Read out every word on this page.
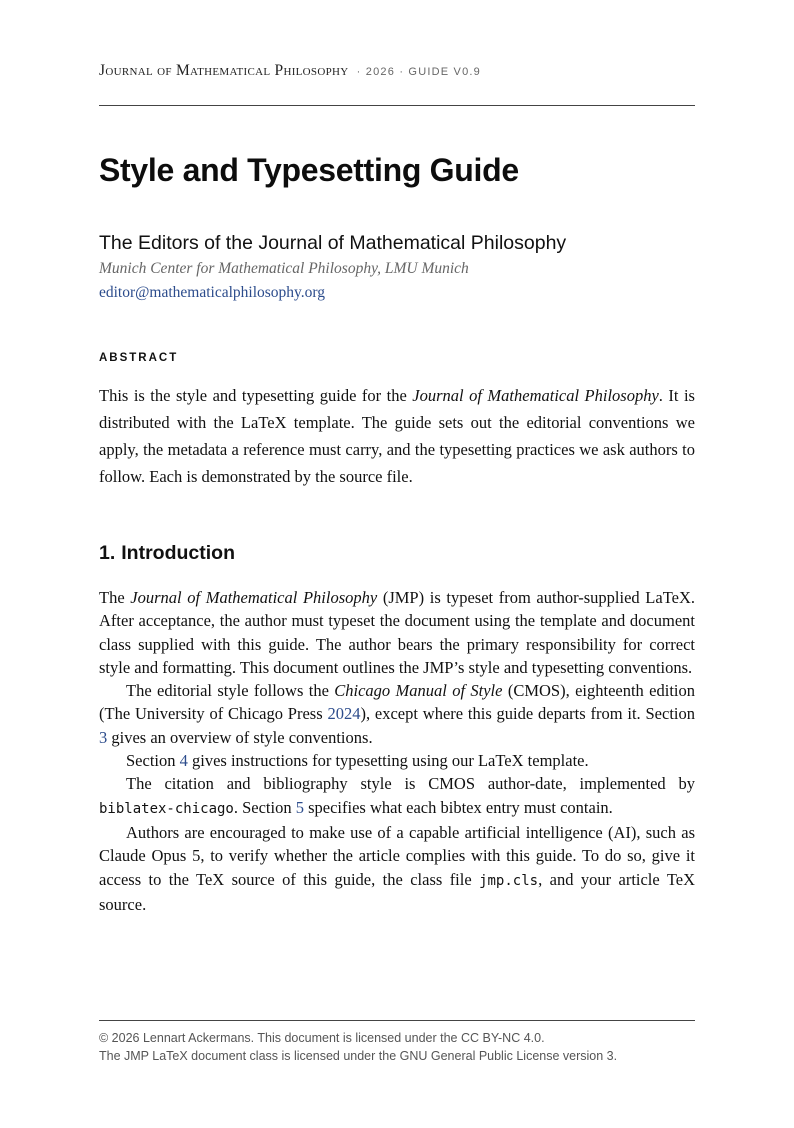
Journal of Mathematical Philosophy · 2026 · GUIDE V0.9
Style and Typesetting Guide
The Editors of the Journal of Mathematical Philosophy
Munich Center for Mathematical Philosophy, LMU Munich
editor@mathematicalphilosophy.org
ABSTRACT

This is the style and typesetting guide for the Journal of Mathematical Philosophy. It is distributed with the LaTeX template. The guide sets out the editorial conventions we apply, the metadata a reference must carry, and the typesetting practices we ask authors to follow. Each is demonstrated by the source file.

1. Introduction

The Journal of Mathematical Philosophy (JMP) is typeset from author-supplied LaTeX. After acceptance, the author must typeset the document using the template and document class supplied with this guide. The author bears the primary responsibility for correct style and formatting. This document outlines the JMP’s style and typesetting conventions.

The editorial style follows the Chicago Manual of Style (CMOS), eighteenth edition (The University of Chicago Press 2024), except where this guide departs from it. Section 3 gives an overview of style conventions.

Section 4 gives instructions for typesetting using our LaTeX template.

The citation and bibliography style is CMOS author-date, implemented by biblatex-chicago. Section 5 specifies what each bibtex entry must contain.

Authors are encouraged to make use of a capable artificial intelligence (AI), such as Claude Opus 5, to verify whether the article complies with this guide. To do so, give it access to the TeX source of this guide, the class file jmp.cls, and your article TeX source.

© 2026 Lennart Ackermans. This document is licensed under the CC BY-NC 4.0.
The JMP LaTeX document class is licensed under the GNU General Public License version 3.
